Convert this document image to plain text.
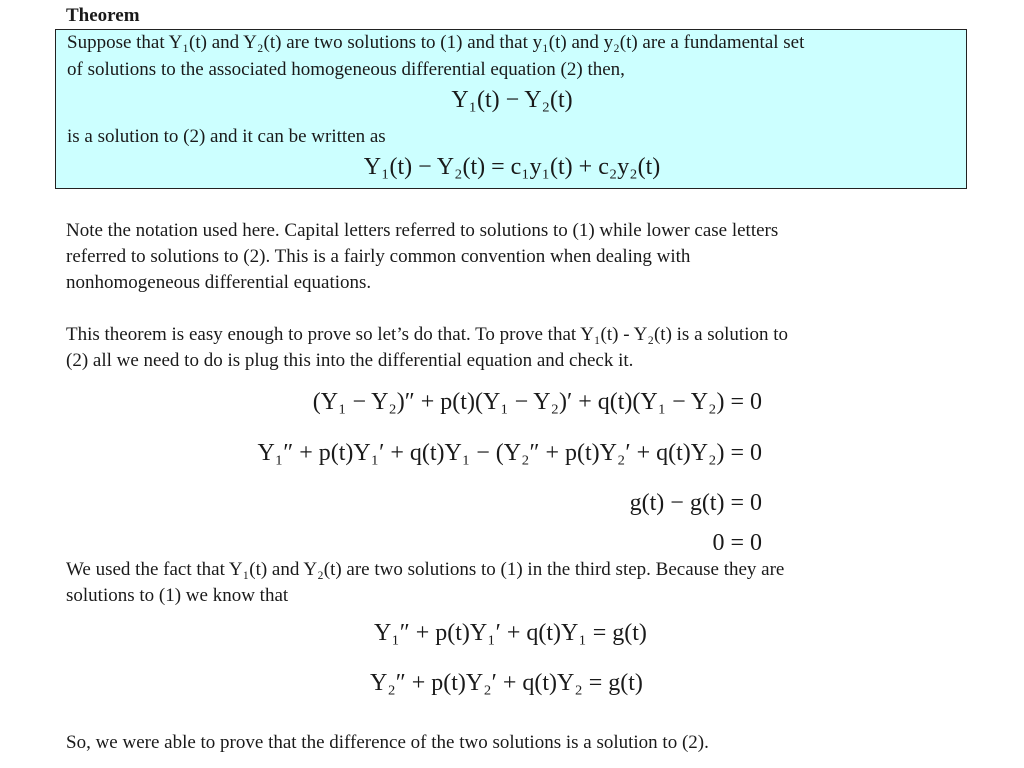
Theorem
Suppose that Y₁(t) and Y₂(t) are two solutions to (1) and that y₁(t) and y₂(t) are a fundamental set
of solutions to the associated homogeneous differential equation (2) then,
Y₁(t) − Y₂(t)
is a solution to (2) and it can be written as
Y₁(t) − Y₂(t) = c₁y₁(t) + c₂y₂(t)
Note the notation used here. Capital letters referred to solutions to (1) while lower case letters
referred to solutions to (2). This is a fairly common convention when dealing with
nonhomogeneous differential equations.
This theorem is easy enough to prove so let’s do that. To prove that Y₁(t) - Y₂(t) is a solution to
(2) all we need to do is plug this into the differential equation and check it.
(Y₁ − Y₂)″ + p(t)(Y₁ − Y₂)′ + q(t)(Y₁ − Y₂) = 0
Y₁″ + p(t)Y₁′ + q(t)Y₁ − (Y₂″ + p(t)Y₂′ + q(t)Y₂) = 0
g(t) − g(t) = 0
0 = 0
We used the fact that Y₁(t) and Y₂(t) are two solutions to (1) in the third step. Because they are
solutions to (1) we know that
Y₁″ + p(t)Y₁′ + q(t)Y₁ = g(t)
Y₂″ + p(t)Y₂′ + q(t)Y₂ = g(t)
So, we were able to prove that the difference of the two solutions is a solution to (2).
